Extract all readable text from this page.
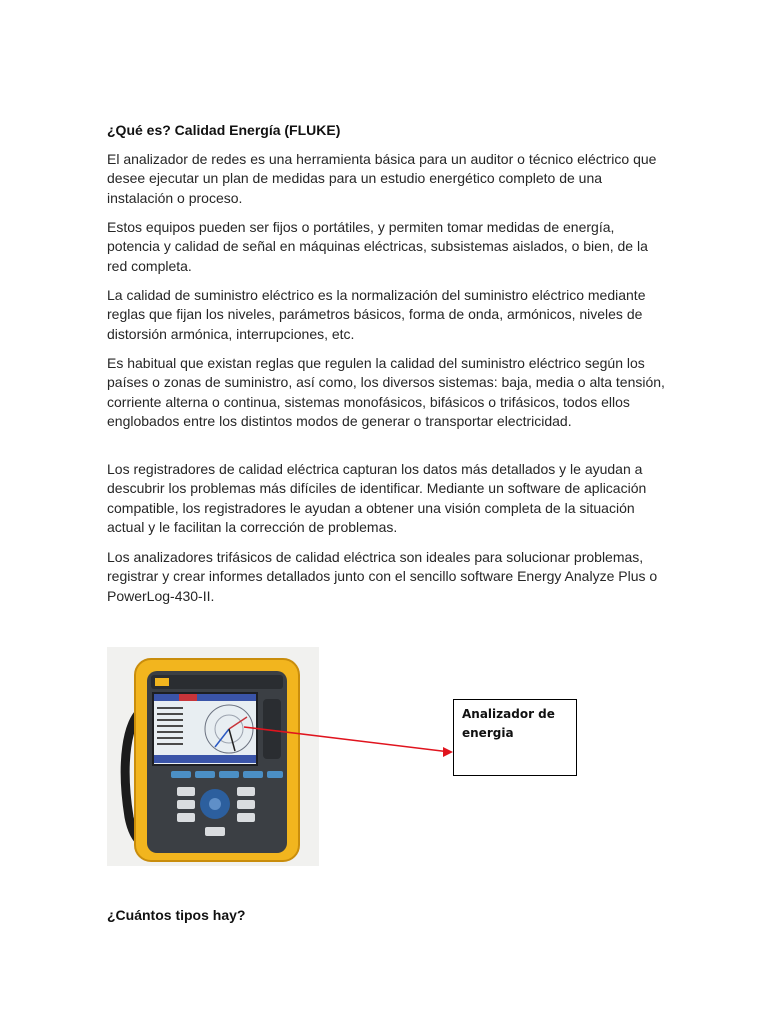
¿Qué es? Calidad Energía (FLUKE)

El analizador de redes es una herramienta básica para un auditor o técnico eléctrico que desee ejecutar un plan de medidas para un estudio energético completo de una instalación o proceso.

Estos equipos pueden ser fijos o portátiles, y permiten tomar medidas de energía, potencia y calidad de señal en máquinas eléctricas, subsistemas aislados, o bien, de la red completa.

La calidad de suministro eléctrico es la normalización del suministro eléctrico mediante reglas que fijan los niveles, parámetros básicos, forma de onda, armónicos, niveles de distorsión armónica, interrupciones, etc.

Es habitual que existan reglas que regulen la calidad del suministro eléctrico según los países o zonas de suministro, así como, los diversos sistemas: baja, media o alta tensión, corriente alterna o continua, sistemas monofásicos, bifásicos o trifásicos, todos ellos englobados entre los distintos modos de generar o transportar electricidad.

Los registradores de calidad eléctrica capturan los datos más detallados y le ayudan a descubrir los problemas más difíciles de identificar. Mediante un software de aplicación compatible, los registradores le ayudan a obtener una visión completa de la situación actual y le facilitan la corrección de problemas.

Los analizadores trifásicos de calidad eléctrica son ideales para solucionar problemas, registrar y crear informes detallados junto con el sencillo software Energy Analyze Plus o PowerLog-430-II.

Analizador de energia
¿Cuántos tipos hay?
